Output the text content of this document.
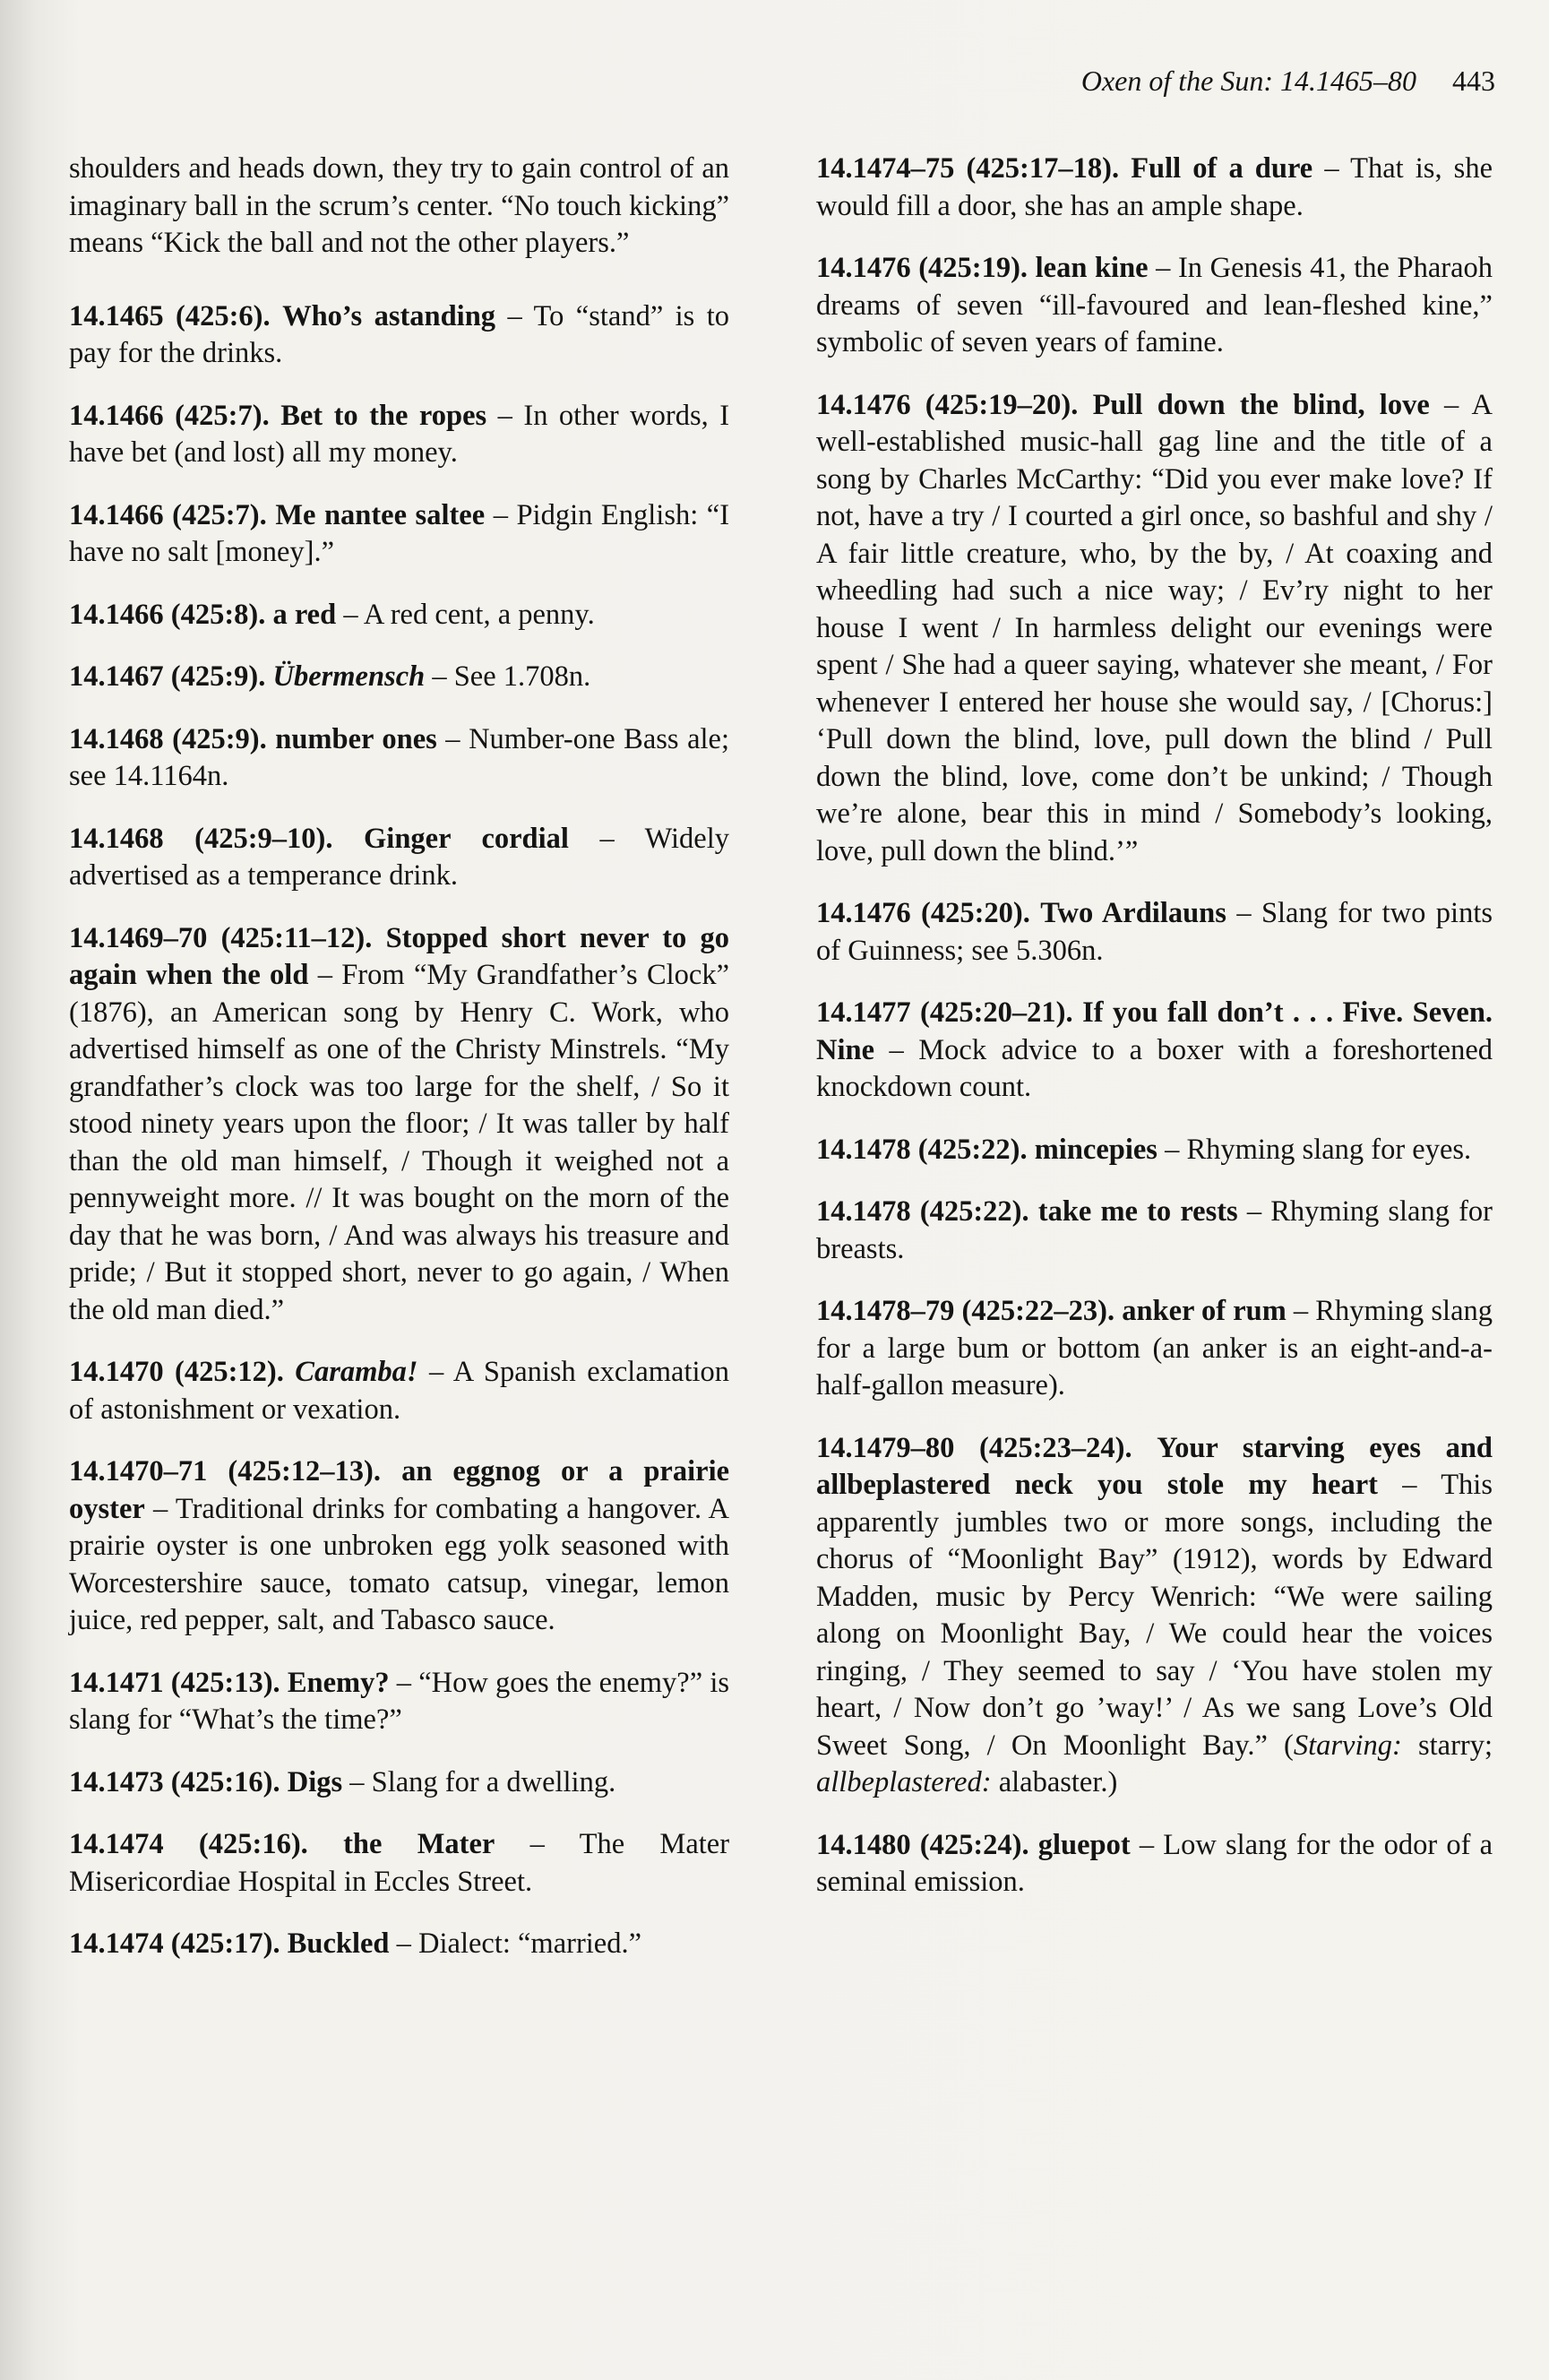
Oxen of the Sun: 14.1465–80 443

shoulders and heads down, they try to gain control of an imaginary ball in the scrum’s center. “No touch kicking” means “Kick the ball and not the other players.”

14.1465 (425:6). Who’s astanding – To “stand” is to pay for the drinks.

14.1466 (425:7). Bet to the ropes – In other words, I have bet (and lost) all my money.

14.1466 (425:7). Me nantee saltee – Pidgin English: “I have no salt [money].”

14.1466 (425:8). a red – A red cent, a penny.

14.1467 (425:9). Übermensch – See 1.708n.

14.1468 (425:9). number ones – Number-one Bass ale; see 14.1164n.

14.1468 (425:9–10). Ginger cordial – Widely advertised as a temperance drink.

14.1469–70 (425:11–12). Stopped short never to go again when the old – From “My Grandfather’s Clock” (1876), an American song by Henry C. Work, who advertised himself as one of the Christy Minstrels. “My grandfather’s clock was too large for the shelf, / So it stood ninety years upon the floor; / It was taller by half than the old man himself, / Though it weighed not a pennyweight more. // It was bought on the morn of the day that he was born, / And was always his treasure and pride; / But it stopped short, never to go again, / When the old man died.”

14.1470 (425:12). Caramba! – A Spanish exclamation of astonishment or vexation.

14.1470–71 (425:12–13). an eggnog or a prairie oyster – Traditional drinks for combating a hangover. A prairie oyster is one unbroken egg yolk seasoned with Worcestershire sauce, tomato catsup, vinegar, lemon juice, red pepper, salt, and Tabasco sauce.

14.1471 (425:13). Enemy? – “How goes the enemy?” is slang for “What’s the time?”

14.1473 (425:16). Digs – Slang for a dwelling.

14.1474 (425:16). the Mater – The Mater Misericordiae Hospital in Eccles Street.

14.1474 (425:17). Buckled – Dialect: “married.”

14.1474–75 (425:17–18). Full of a dure – That is, she would fill a door, she has an ample shape.

14.1476 (425:19). lean kine – In Genesis 41, the Pharaoh dreams of seven “ill-favoured and lean-fleshed kine,” symbolic of seven years of famine.

14.1476 (425:19–20). Pull down the blind, love – A well-established music-hall gag line and the title of a song by Charles McCarthy: “Did you ever make love? If not, have a try / I courted a girl once, so bashful and shy / A fair little creature, who, by the by, / At coaxing and wheedling had such a nice way; / Ev’ry night to her house I went / In harmless delight our evenings were spent / She had a queer saying, whatever she meant, / For whenever I entered her house she would say, / [Chorus:] ‘Pull down the blind, love, pull down the blind / Pull down the blind, love, come don’t be unkind; / Though we’re alone, bear this in mind / Somebody’s looking, love, pull down the blind.’”

14.1476 (425:20). Two Ardilauns – Slang for two pints of Guinness; see 5.306n.

14.1477 (425:20–21). If you fall don’t . . . Five. Seven. Nine – Mock advice to a boxer with a foreshortened knockdown count.

14.1478 (425:22). mincepies – Rhyming slang for eyes.

14.1478 (425:22). take me to rests – Rhyming slang for breasts.

14.1478–79 (425:22–23). anker of rum – Rhyming slang for a large bum or bottom (an anker is an eight-and-a-half-gallon measure).

14.1479–80 (425:23–24). Your starving eyes and allbeplastered neck you stole my heart – This apparently jumbles two or more songs, including the chorus of “Moonlight Bay” (1912), words by Edward Madden, music by Percy Wenrich: “We were sailing along on Moonlight Bay, / We could hear the voices ringing, / They seemed to say / ‘You have stolen my heart, / Now don’t go ’way!’ / As we sang Love’s Old Sweet Song, / On Moonlight Bay.” (Starving: starry; allbeplastered: alabaster.)

14.1480 (425:24). gluepot – Low slang for the odor of a seminal emission.
